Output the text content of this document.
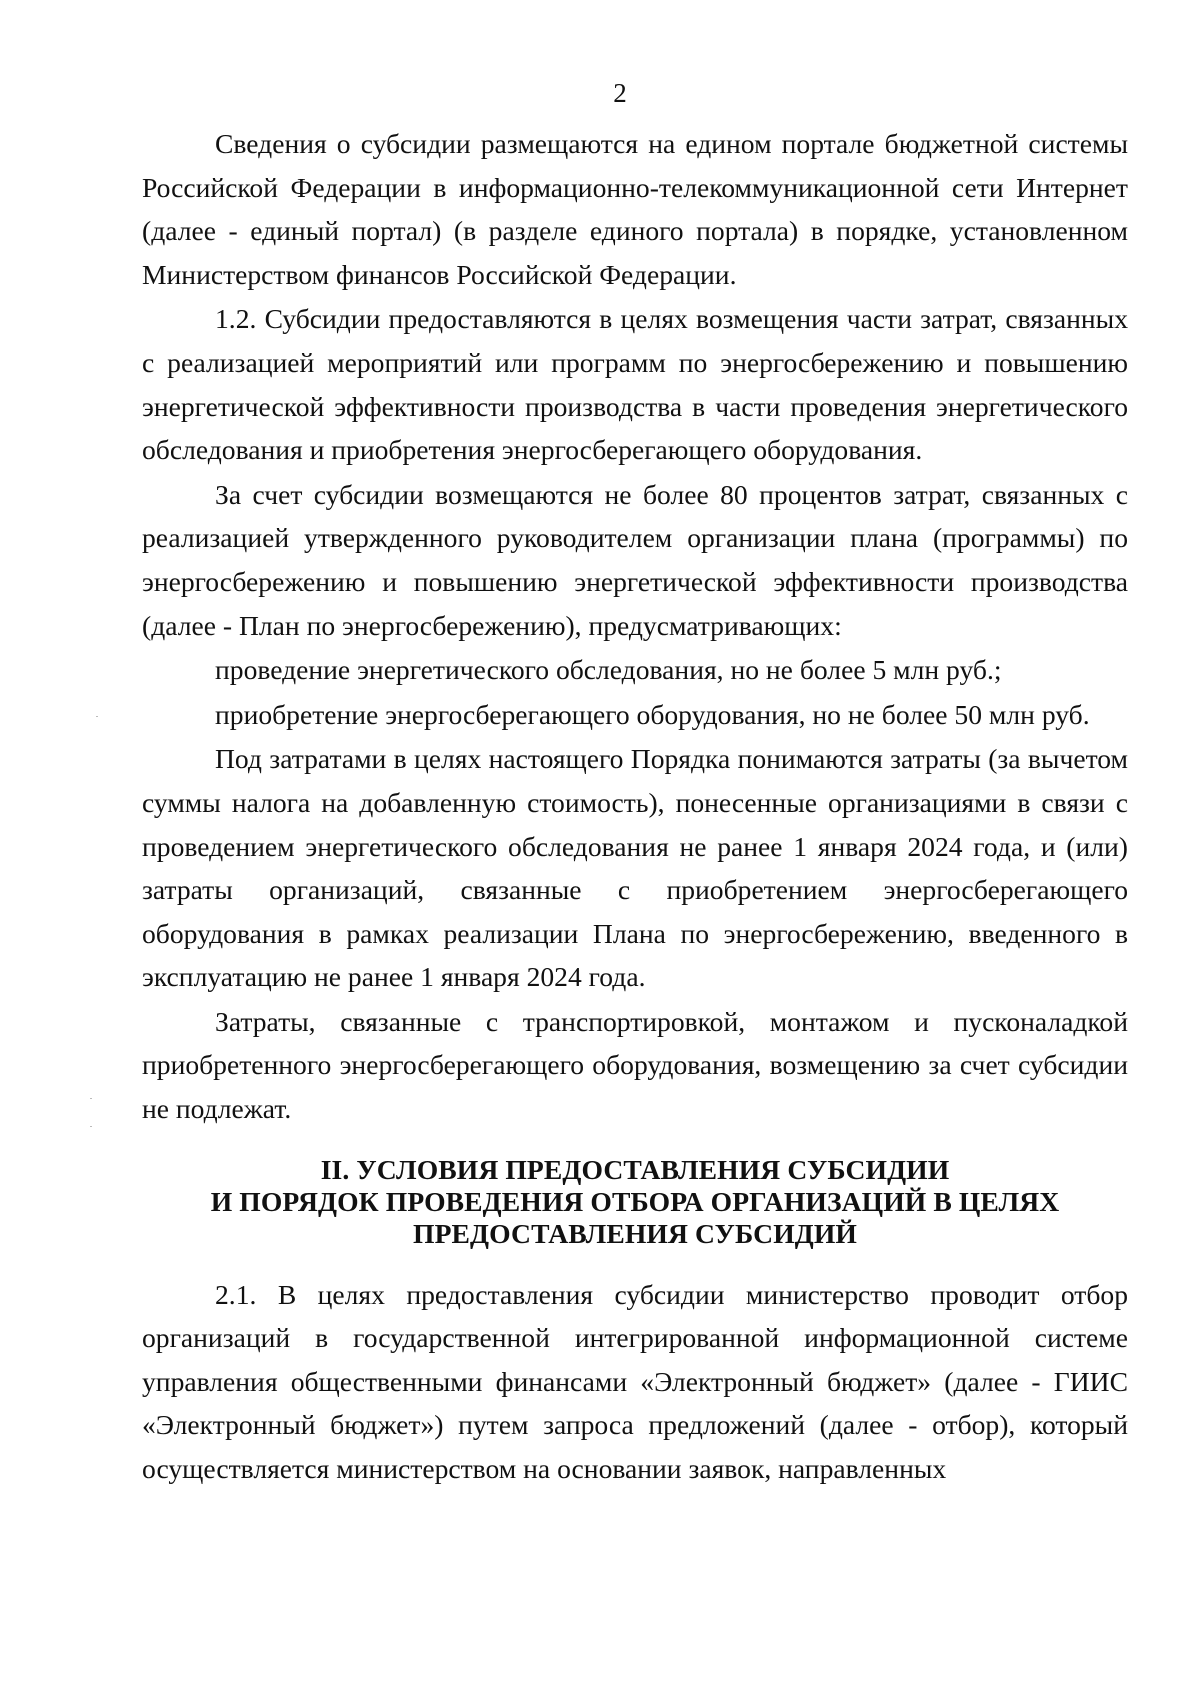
2

Сведения о субсидии размещаются на едином портале бюджетной системы Российской Федерации в информационно-телекоммуникационной сети Интернет (далее - единый портал) (в разделе единого портала) в порядке, установленном Министерством финансов Российской Федерации.

1.2. Субсидии предоставляются в целях возмещения части затрат, связанных с реализацией мероприятий или программ по энергосбережению и повышению энергетической эффективности производства в части проведения энергетического обследования и приобретения энергосберегающего оборудования.

За счет субсидии возмещаются не более 80 процентов затрат, связанных с реализацией утвержденного руководителем организации плана (программы) по энергосбережению и повышению энергетической эффективности производства (далее - План по энергосбережению), предусматривающих:

проведение энергетического обследования, но не более 5 млн руб.;

приобретение энергосберегающего оборудования, но не более 50 млн руб.

Под затратами в целях настоящего Порядка понимаются затраты (за вычетом суммы налога на добавленную стоимость), понесенные организациями в связи с проведением энергетического обследования не ранее 1 января 2024 года, и (или) затраты организаций, связанные с приобретением энергосберегающего оборудования в рамках реализации Плана по энергосбережению, введенного в эксплуатацию не ранее 1 января 2024 года.

Затраты, связанные с транспортировкой, монтажом и пусконаладкой приобретенного энергосберегающего оборудования, возмещению за счет субсидии не подлежат.

II. УСЛОВИЯ ПРЕДОСТАВЛЕНИЯ СУБСИДИИ
И ПОРЯДОК ПРОВЕДЕНИЯ ОТБОРА ОРГАНИЗАЦИЙ В ЦЕЛЯХ
ПРЕДОСТАВЛЕНИЯ СУБСИДИЙ

2.1. В целях предоставления субсидии министерство проводит отбор организаций в государственной интегрированной информационной системе управления общественными финансами «Электронный бюджет» (далее - ГИИС «Электронный бюджет») путем запроса предложений (далее - отбор), который осуществляется министерством на основании заявок, направленных
